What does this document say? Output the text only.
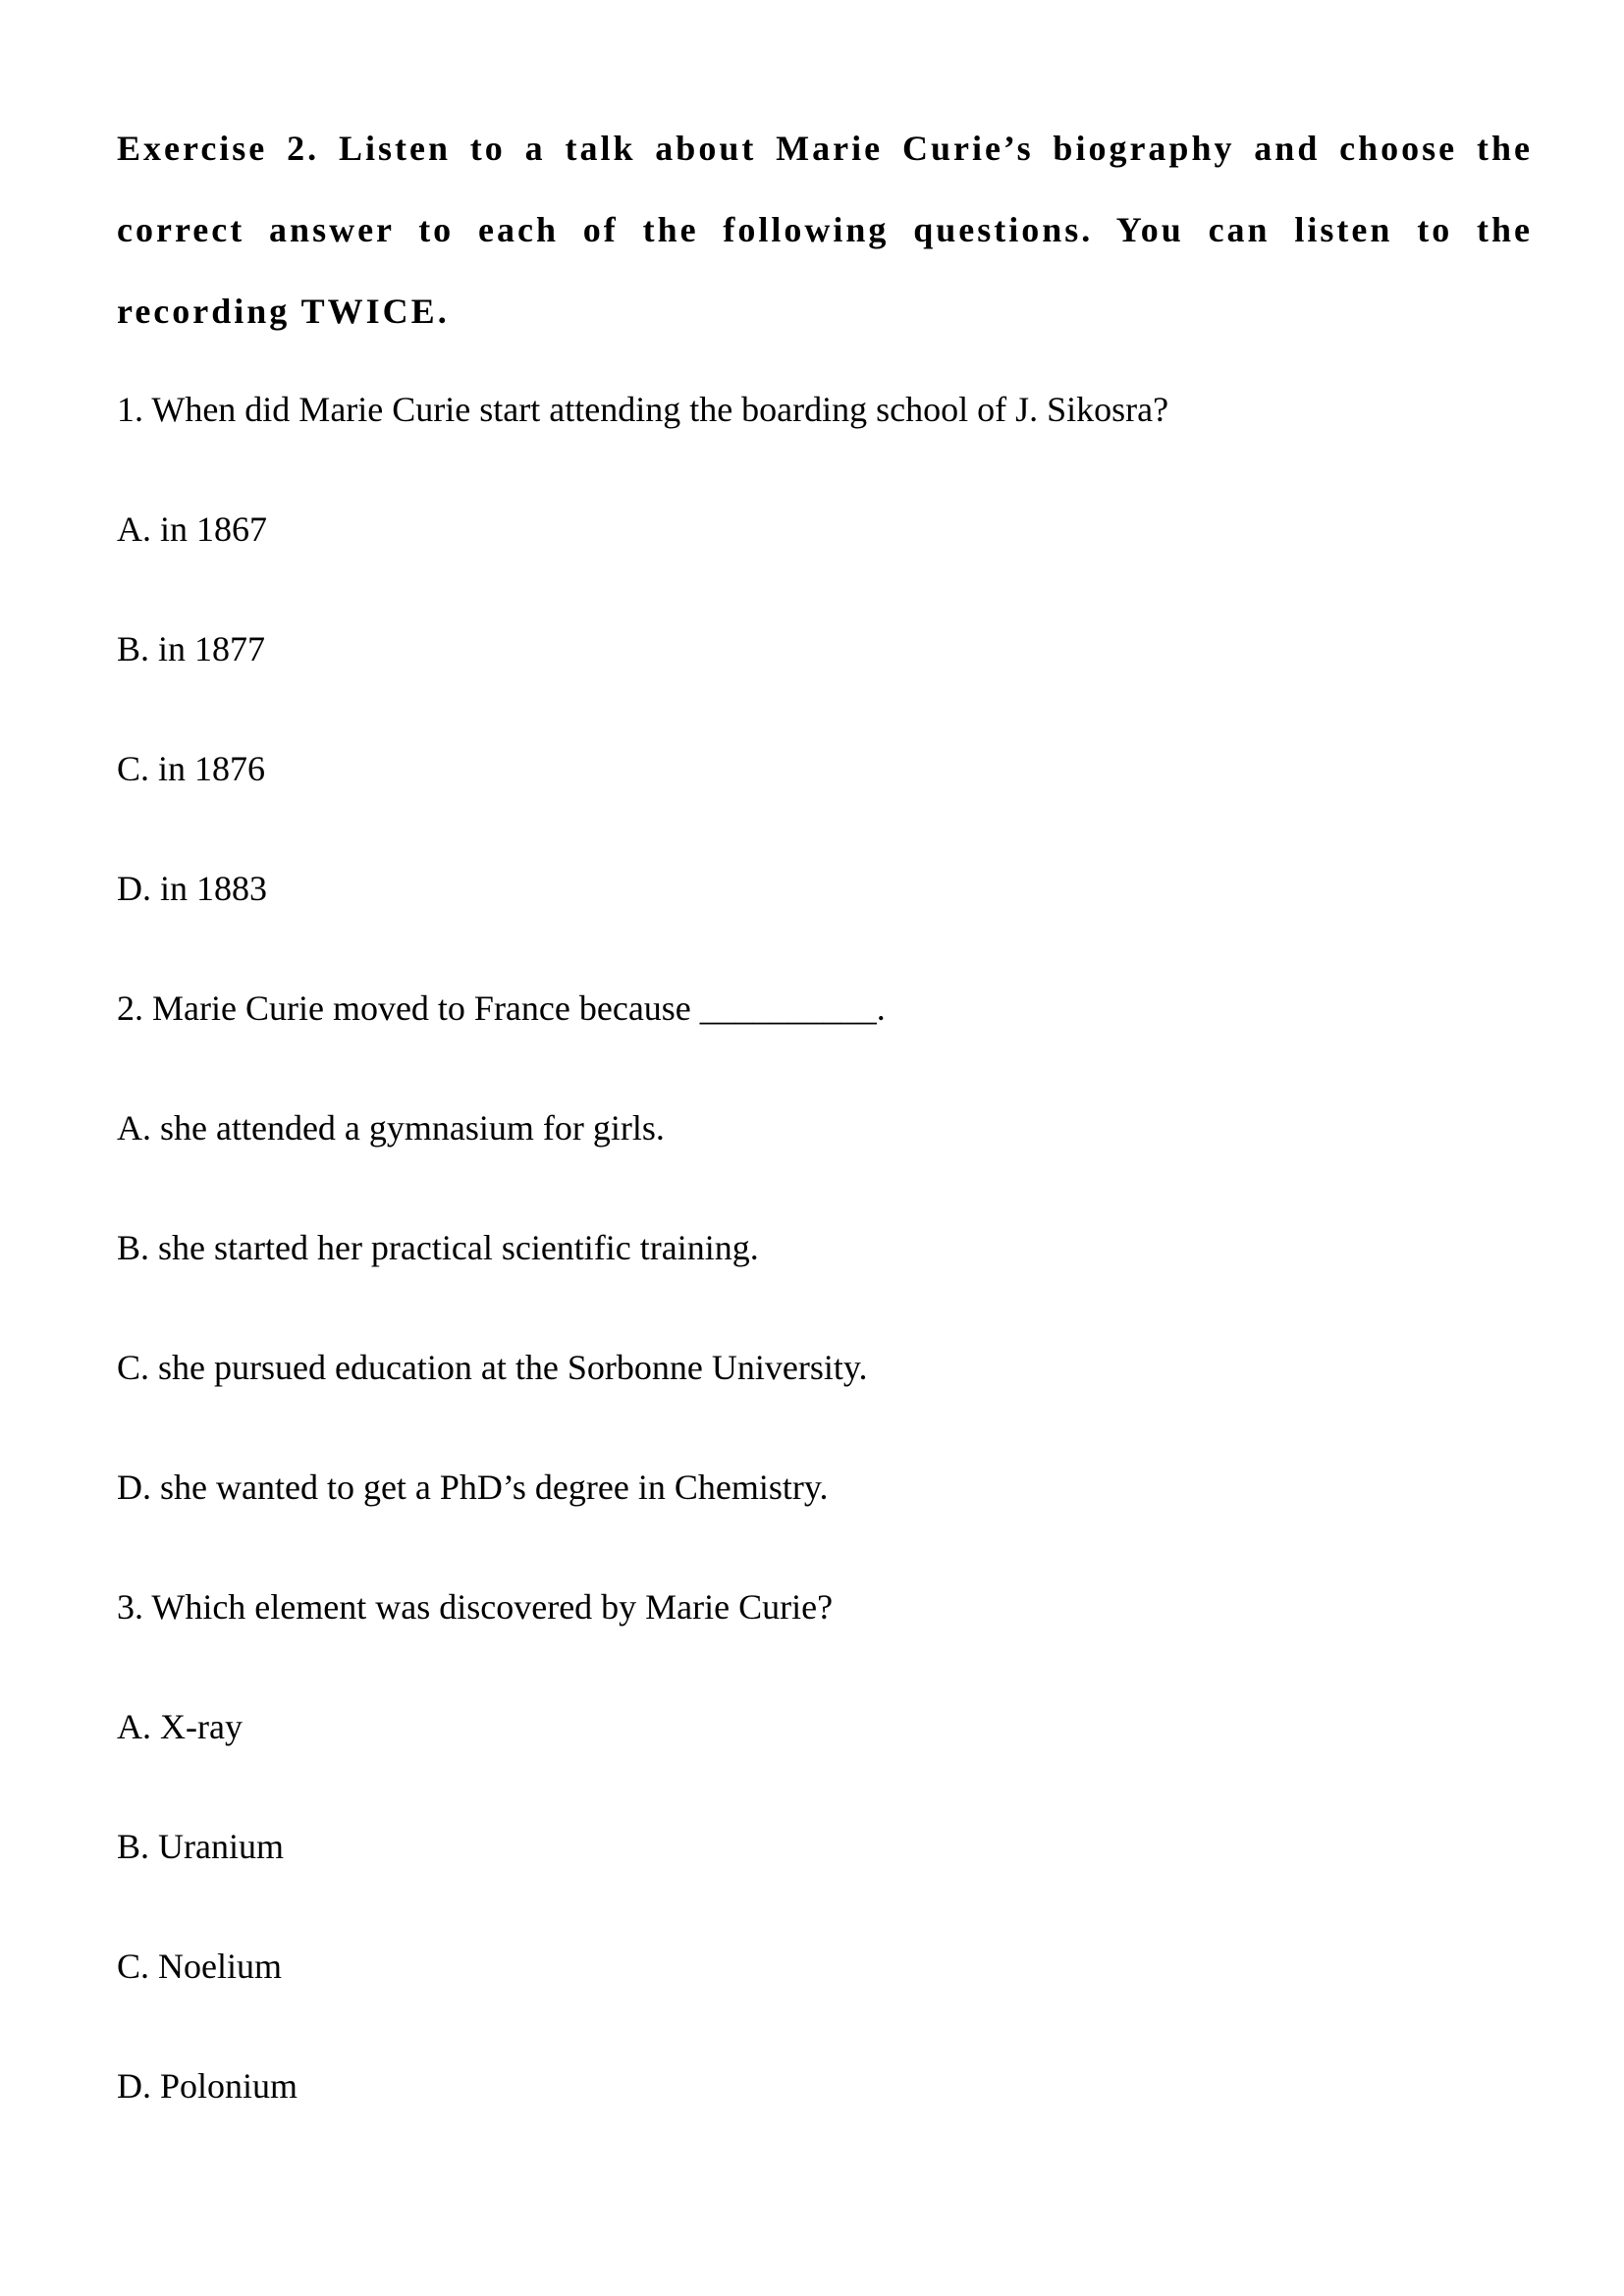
Exercise 2. Listen to a talk about Marie Curie’s biography and choose the correct answer to each of the following questions. You can listen to the recording TWICE.

1. When did Marie Curie start attending the boarding school of J. Sikosra?

A. in 1867

B. in 1877

C. in 1876

D. in 1883

2. Marie Curie moved to France because __________.

A. she attended a gymnasium for girls.

B. she started her practical scientific training.

C. she pursued education at the Sorbonne University.

D. she wanted to get a PhD’s degree in Chemistry.

3. Which element was discovered by Marie Curie?

A. X-ray

B. Uranium

C. Noelium

D. Polonium
